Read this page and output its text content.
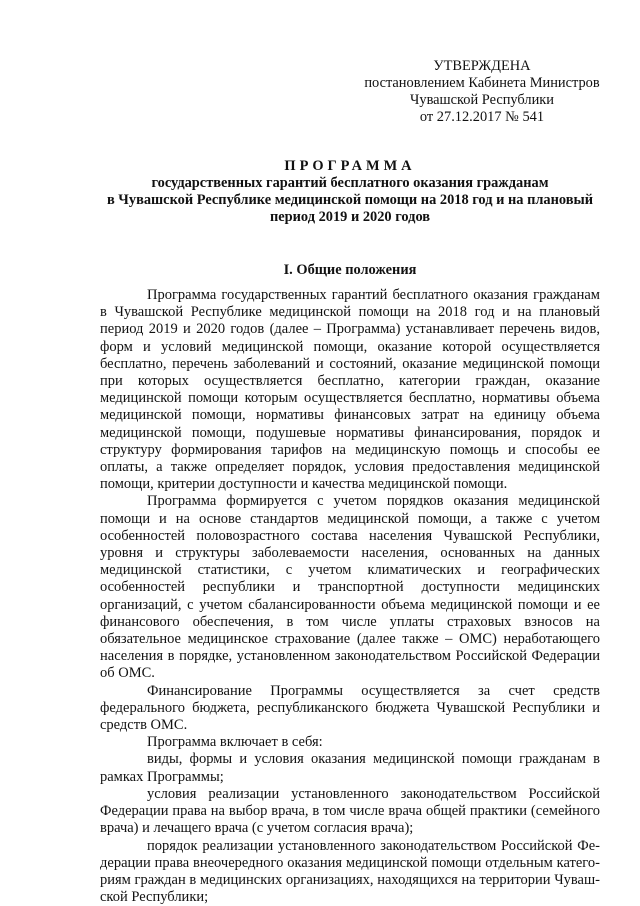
УТВЕРЖДЕНА
постановлением Кабинета Министров
Чувашской Республики
от 27.12.2017 № 541
ПРОГРАММА
государственных гарантий бесплатного оказания гражданам
в Чувашской Республике медицинской помощи на 2018 год и на плановый
период 2019 и 2020 годов
I. Общие положения

Программа государственных гарантий бесплатного оказания гражданам в Чувашской Республике медицинской помощи на 2018 год и на плановый период 2019 и 2020 годов (далее – Программа) устанавливает перечень видов, форм и условий медицинской помощи, оказание которой осуществляется бесплатно, перечень заболеваний и состояний, оказание медицинской помощи при которых осуществляется бесплатно, категории граждан, оказание медицинской помощи которым осуществляется бесплатно, нормативы объема медицинской помощи, нормативы финансовых затрат на единицу объема медицинской помощи, подушевые нормативы финансирования, порядок и структуру формирования тарифов на медицинскую помощь и способы ее оплаты, а также определяет порядок, условия предоставления медицинской помощи, критерии доступности и качества медицинской помощи.

Программа формируется с учетом порядков оказания медицинской помощи и на основе стандартов медицинской помощи, а также с учетом особенностей половозрастного состава населения Чувашской Республики, уровня и структуры заболеваемости населения, основанных на данных медицинской статистики, с учетом климатических и географических особенностей республики и транспортной доступности медицинских организаций, с учетом сбалансированности объема медицинской помощи и ее финансового обеспечения, в том числе уплаты страховых взносов на обязательное медицинское страхование (далее также – ОМС) неработающего населения в порядке, установленном законодательством Российской Федерации об ОМС.

Финансирование Программы осуществляется за счет средств федерального бюджета, республиканского бюджета Чувашской Республики и средств ОМС.

Программа включает в себя:

виды, формы и условия оказания медицинской помощи гражданам в рамках Программы;

условия реализации установленного законодательством Российской Федерации права на выбор врача, в том числе врача общей практики (семейного врача) и лечащего врача (с учетом согласия врача);

порядок реализации установленного законодательством Российской Федерации права внеочередного оказания медицинской помощи отдельным категориям граждан в медицинских организациях, находящихся на территории Чувашской Республики;
